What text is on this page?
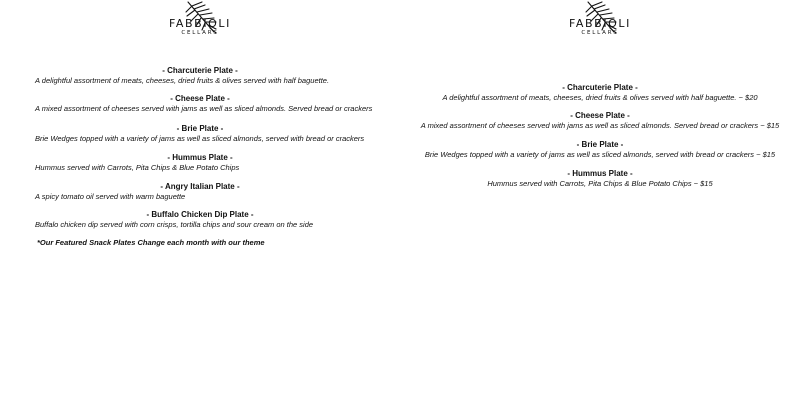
FABBIOLI
CELLARS
- Charcuterie Plate -
A delightful assortment of meats, cheeses, dried fruits & olives served with half baguette.
- Cheese Plate -
A mixed assortment of cheeses served with jams as well as sliced almonds. Served bread or crackers
- Brie Plate -
Brie Wedges topped with a variety of jams as well as sliced almonds, served with bread or crackers
- Hummus Plate -
Hummus served with Carrots, Pita Chips & Blue Potato Chips
- Angry Italian Plate -
A spicy tomato oil served with warm baguette
- Buffalo Chicken Dip Plate -
Buffalo chicken dip served with corn crisps, tortilla chips and sour cream on the side
*Our Featured Snack Plates Change each month with our theme
FABBIOLI
CELLARS
- Charcuterie Plate -
A delightful assortment of meats, cheeses, dried fruits & olives served with half baguette. ~ $20
- Cheese Plate -
A mixed assortment of cheeses served with jams as well as sliced almonds. Served bread or crackers ~ $15
- Brie Plate -
Brie Wedges topped with a variety of jams as well as sliced almonds, served with bread or crackers ~ $15
- Hummus Plate -
Hummus served with Carrots, Pita Chips & Blue Potato Chips ~ $15
